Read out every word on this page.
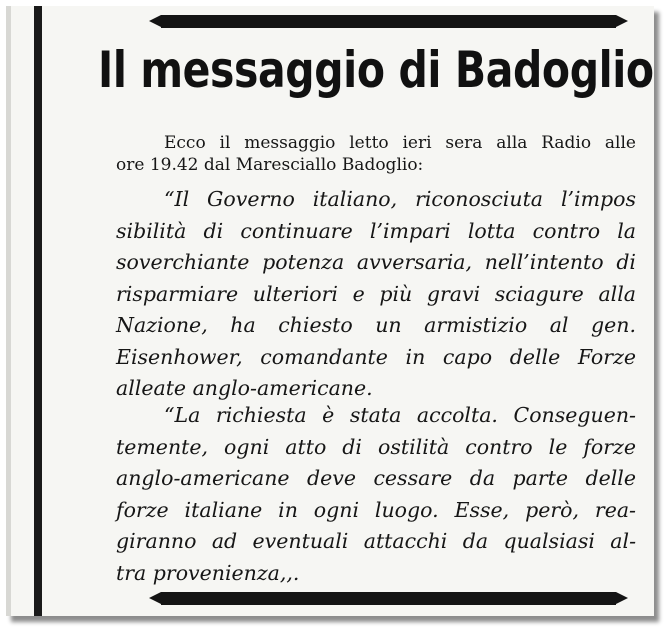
Il messaggio di Badoglio
Ecco il messaggio letto ieri sera alla Radio alle
ore 19.42 dal Maresciallo Badoglio:
“Il Governo italiano, riconosciuta l’impos
sibilità di continuare l’impari lotta contro la
soverchiante potenza avversaria, nell’intento di
risparmiare ulteriori e più gravi sciagure alla
Nazione, ha chiesto un armistizio al gen.
Eisenhower, comandante in capo delle Forze
alleate anglo-americane.
“La richiesta è stata accolta. Conseguen-
temente, ogni atto di ostilità contro le forze
anglo-americane deve cessare da parte delle
forze italiane in ogni luogo. Esse, però, rea-
giranno ad eventuali attacchi da qualsiasi al-
tra provenienza,,.
